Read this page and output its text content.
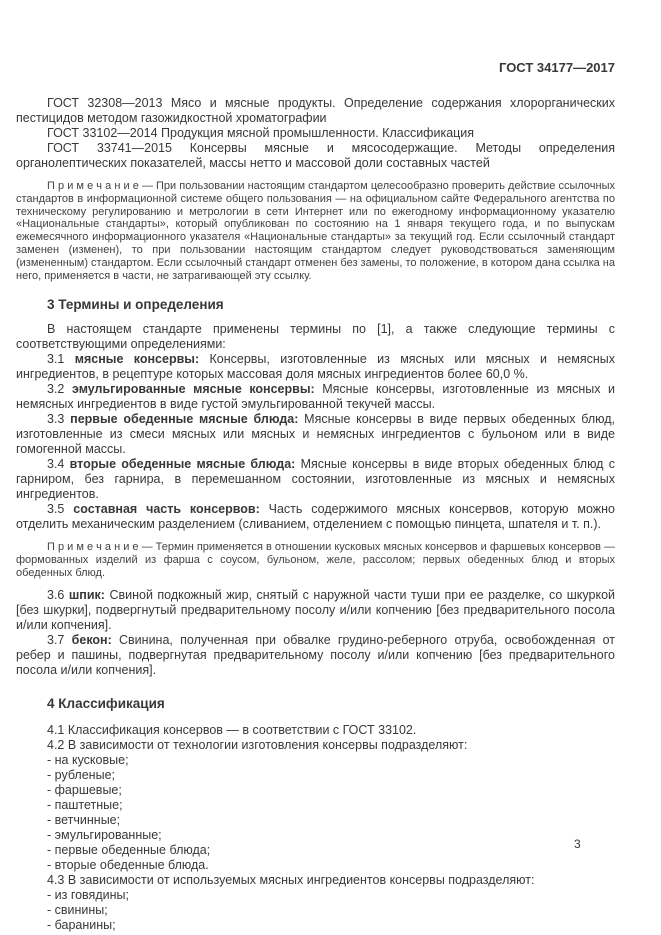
ГОСТ 34177—2017

ГОСТ 32308—2013 Мясо и мясные продукты. Определение содержания хлорорганических пестицидов методом газожидкостной хроматографии

ГОСТ 33102—2014 Продукция мясной промышленности. Классификация

ГОСТ 33741—2015 Консервы мясные и мясосодержащие. Методы определения органолептических показателей, массы нетто и массовой доли составных частей

П р и м е ч а н и е — При пользовании настоящим стандартом целесообразно проверить действие ссылочных стандартов в информационной системе общего пользования — на официальном сайте Федерального агентства по техническому регулированию и метрологии в сети Интернет или по ежегодному информационному указателю «Национальные стандарты», который опубликован по состоянию на 1 января текущего года, и по выпускам ежемесячного информационного указателя «Национальные стандарты» за текущий год. Если ссылочный стандарт заменен (изменен), то при пользовании настоящим стандартом следует руководствоваться заменяющим (измененным) стандартом. Если ссылочный стандарт отменен без замены, то положение, в котором дана ссылка на него, применяется в части, не затрагивающей эту ссылку.

3 Термины и определения

В настоящем стандарте применены термины по [1], а также следующие термины с соответствующими определениями:

3.1 мясные консервы: Консервы, изготовленные из мясных или мясных и немясных ингредиентов, в рецептуре которых массовая доля мясных ингредиентов более 60,0 %.

3.2 эмульгированные мясные консервы: Мясные консервы, изготовленные из мясных и немясных ингредиентов в виде густой эмульгированной текучей массы.

3.3 первые обеденные мясные блюда: Мясные консервы в виде первых обеденных блюд, изготовленные из смеси мясных или мясных и немясных ингредиентов с бульоном или в виде гомогенной массы.

3.4 вторые обеденные мясные блюда: Мясные консервы в виде вторых обеденных блюд с гарниром, без гарнира, в перемешанном состоянии, изготовленные из мясных и немясных ингредиентов.

3.5 составная часть консервов: Часть содержимого мясных консервов, которую можно отделить механическим разделением (сливанием, отделением с помощью пинцета, шпателя и т. п.).

П р и м е ч а н и е — Термин применяется в отношении кусковых мясных консервов и фаршевых консервов — формованных изделий из фарша с соусом, бульоном, желе, рассолом; первых обеденных блюд и вторых обеденных блюд.

3.6 шпик: Свиной подкожный жир, снятый с наружной части туши при ее разделке, со шкуркой [без шкурки], подвергнутый предварительному посолу и/или копчению [без предварительного посола и/или копчения].

3.7 бекон: Свинина, полученная при обвалке грудино-реберного отруба, освобожденная от ребер и пашины, подвергнутая предварительному посолу и/или копчению [без предварительного посола и/или копчения].

4 Классификация

4.1 Классификация консервов — в соответствии с ГОСТ 33102.

4.2 В зависимости от технологии изготовления консервы подразделяют:

- на кусковые;

- рубленые;

- фаршевые;

- паштетные;

- ветчинные;

- эмульгированные;

- первые обеденные блюда;

- вторые обеденные блюда.

4.3 В зависимости от используемых мясных ингредиентов консервы подразделяют:

- из говядины;

- свинины;

- баранины;

3
